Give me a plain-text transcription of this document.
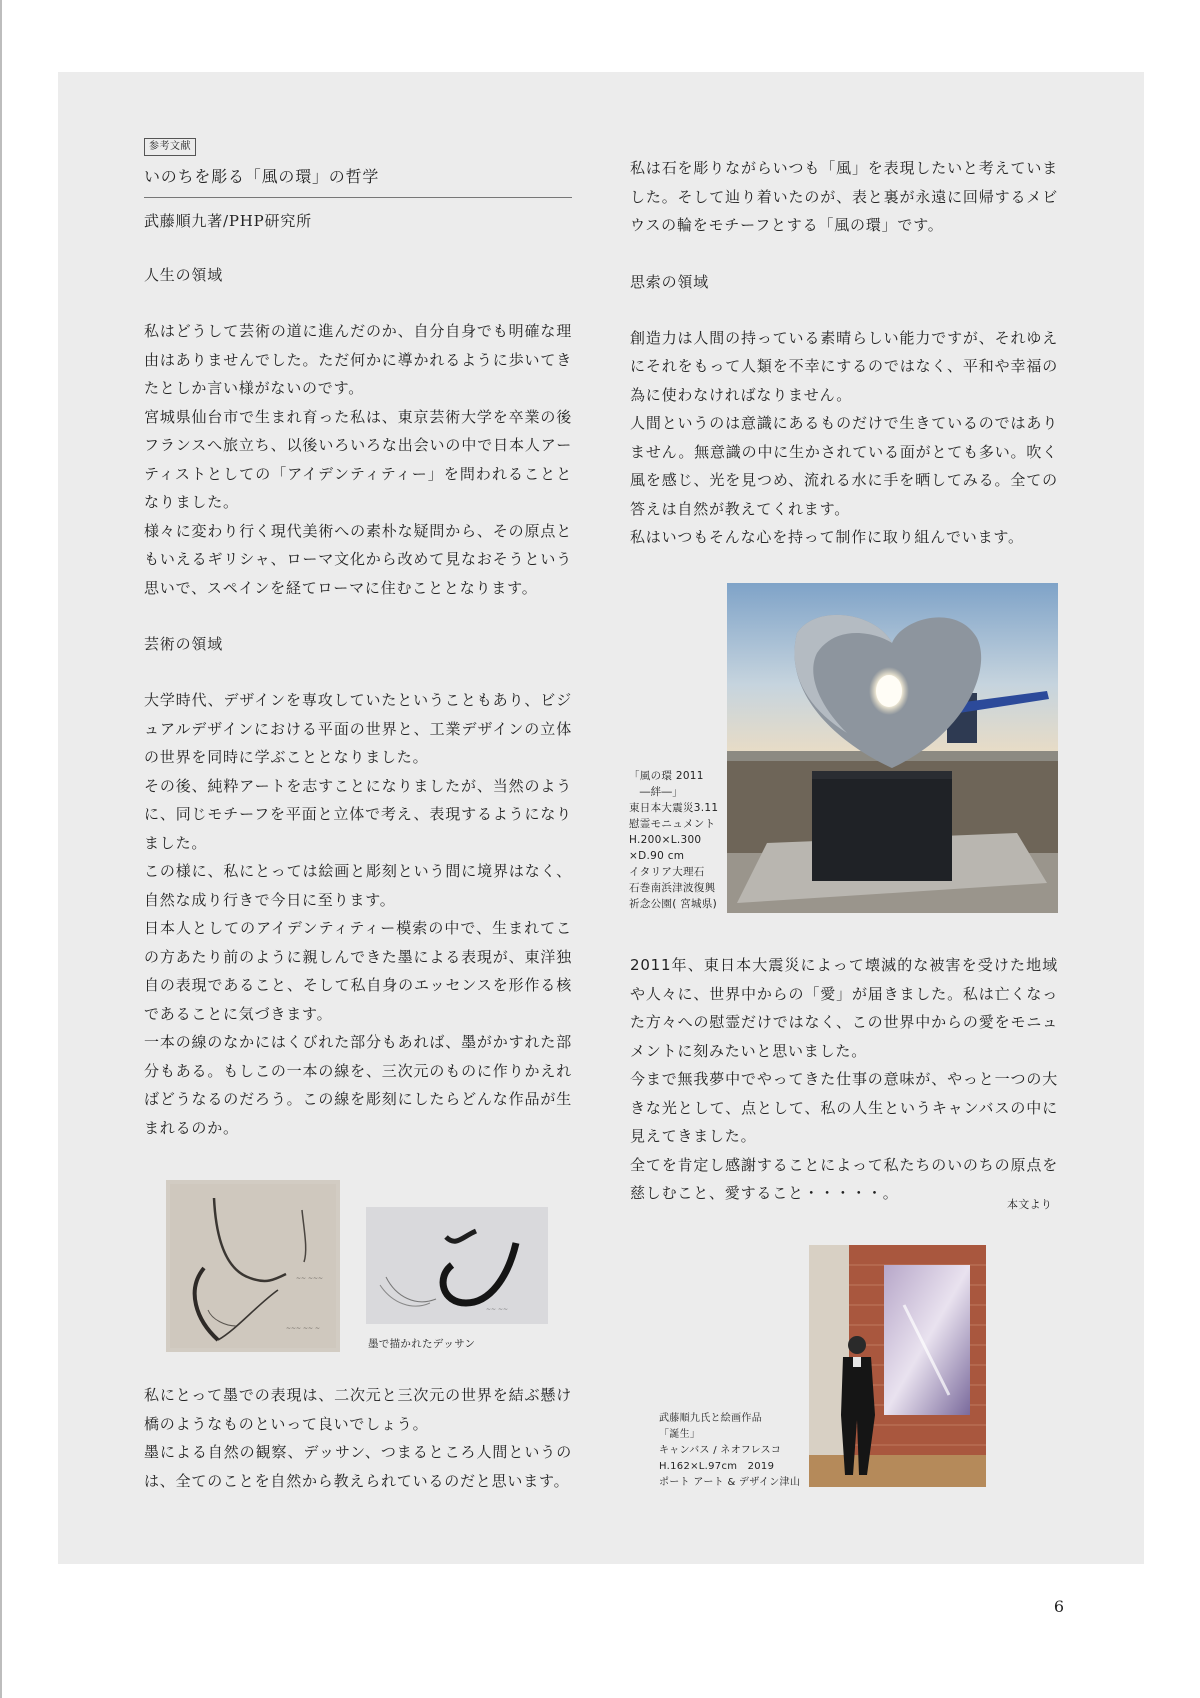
参考文献
いのちを彫る「風の環」の哲学
武藤順九著/PHP研究所

人生の領域

私はどうして芸術の道に進んだのか、自分自身でも明確な理由はありませんでした。ただ何かに導かれるように歩いてきたとしか言い様がないのです。

宮城県仙台市で生まれ育った私は、東京芸術大学を卒業の後フランスへ旅立ち、以後いろいろな出会いの中で日本人アーティストとしての「アイデンティティー」を問われることとなりました。

様々に変わり行く現代美術への素朴な疑問から、その原点ともいえるギリシャ、ローマ文化から改めて見なおそうという思いで、スペインを経てローマに住むこととなります。

芸術の領域

大学時代、デザインを専攻していたということもあり、ビジュアルデザインにおける平面の世界と、工業デザインの立体の世界を同時に学ぶこととなりました。

その後、純粋アートを志すことになりましたが、当然のように、同じモチーフを平面と立体で考え、表現するようになりました。

この様に、私にとっては絵画と彫刻という間に境界はなく、自然な成り行きで今日に至ります。

日本人としてのアイデンティティー模索の中で、生まれてこの方あたり前のように親しんできた墨による表現が、東洋独自の表現であること、そして私自身のエッセンスを形作る核であることに気づきます。

一本の線のなかにはくびれた部分もあれば、墨がかすれた部分もある。もしこの一本の線を、三次元のものに作りかえればどうなるのだろう。この線を彫刻にしたらどんな作品が生まれるのか。

~~ ~~~
~~~ ~~ ~
~~ ~~
墨で描かれたデッサン

私にとって墨での表現は、二次元と三次元の世界を結ぶ懸け橋のようなものといって良いでしょう。

墨による自然の観察、デッサン、つまるところ人間というのは、全てのことを自然から教えられているのだと思います。

私は石を彫りながらいつも「風」を表現したいと考えていました。そして辿り着いたのが、表と裏が永遠に回帰するメビウスの輪をモチーフとする「風の環」です。

思索の領域

創造力は人間の持っている素晴らしい能力ですが、それゆえにそれをもって人類を不幸にするのではなく、平和や幸福の為に使わなければなりません。

人間というのは意識にあるものだけで生きているのではありません。無意識の中に生かされている面がとても多い。吹く風を感じ、光を見つめ、流れる水に手を晒してみる。全ての答えは自然が教えてくれます。

私はいつもそんな心を持って制作に取り組んでいます。

「風の環 2011
　―絆―」
東日本大震災3.11
慰霊モニュメント
H.200×L.300
×D.90 cm
イタリア大理石
石巻南浜津波復興
祈念公園( 宮城県)

2011年、東日本大震災によって壊滅的な被害を受けた地域や人々に、世界中からの「愛」が届きました。私は亡くなった方々への慰霊だけではなく、この世界中からの愛をモニュメントに刻みたいと思いました。

今まで無我夢中でやってきた仕事の意味が、やっと一つの大きな光として、点として、私の人生というキャンバスの中に見えてきました。

全てを肯定し感謝することによって私たちのいのちの原点を慈しむこと、愛すること・・・・・。

本文より
武藤順九氏と絵画作品
「誕生」
キャンバス / ネオフレスコ
H.162×L.97cm　2019
ポート アート & デザイン津山
6
